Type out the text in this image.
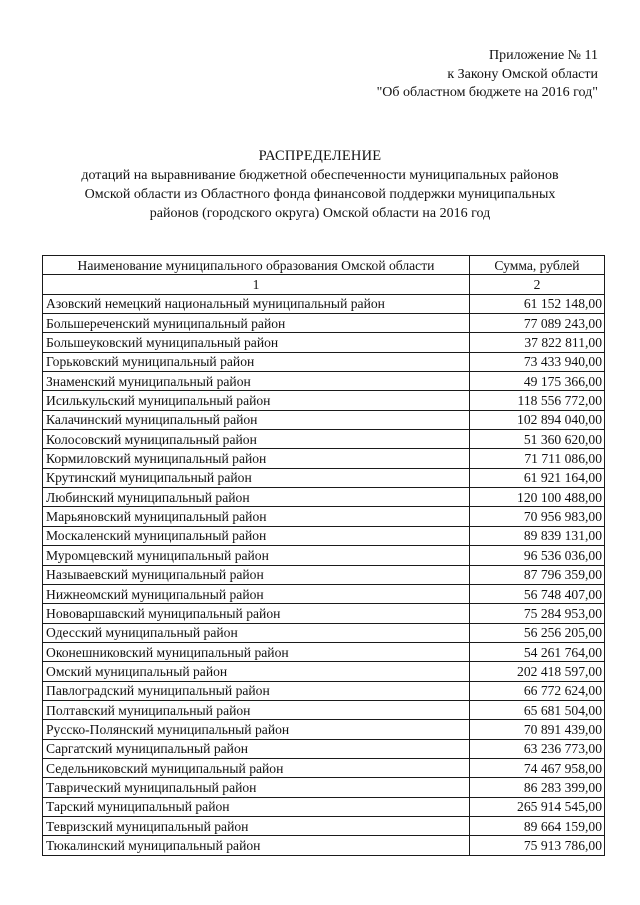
Приложение № 11
к Закону Омской области
"Об областном бюджете на 2016 год"
РАСПРЕДЕЛЕНИЕ
дотаций на выравнивание бюджетной обеспеченности муниципальных районов
Омской области из Областного фонда финансовой поддержки муниципальных
районов (городского округа) Омской области на 2016 год
Наименование муниципального образования Омской области	Сумма, рублей
1	2
Азовский немецкий национальный муниципальный район	61 152 148,00
Большереченский муниципальный район	77 089 243,00
Большеуковский муниципальный район	37 822 811,00
Горьковский муниципальный район	73 433 940,00
Знаменский муниципальный район	49 175 366,00
Исилькульский муниципальный район	118 556 772,00
Калачинский муниципальный район	102 894 040,00
Колосовский муниципальный район	51 360 620,00
Кормиловский муниципальный район	71 711 086,00
Крутинский муниципальный район	61 921 164,00
Любинский муниципальный район	120 100 488,00
Марьяновский муниципальный район	70 956 983,00
Москаленский муниципальный район	89 839 131,00
Муромцевский муниципальный район	96 536 036,00
Называевский муниципальный район	87 796 359,00
Нижнеомский муниципальный район	56 748 407,00
Нововаршавский муниципальный район	75 284 953,00
Одесский муниципальный район	56 256 205,00
Оконешниковский муниципальный район	54 261 764,00
Омский муниципальный район	202 418 597,00
Павлоградский муниципальный район	66 772 624,00
Полтавский муниципальный район	65 681 504,00
Русско-Полянский муниципальный район	70 891 439,00
Саргатский муниципальный район	63 236 773,00
Седельниковский муниципальный район	74 467 958,00
Таврический муниципальный район	86 283 399,00
Тарский муниципальный район	265 914 545,00
Тевризский муниципальный район	89 664 159,00
Тюкалинский муниципальный район	75 913 786,00
